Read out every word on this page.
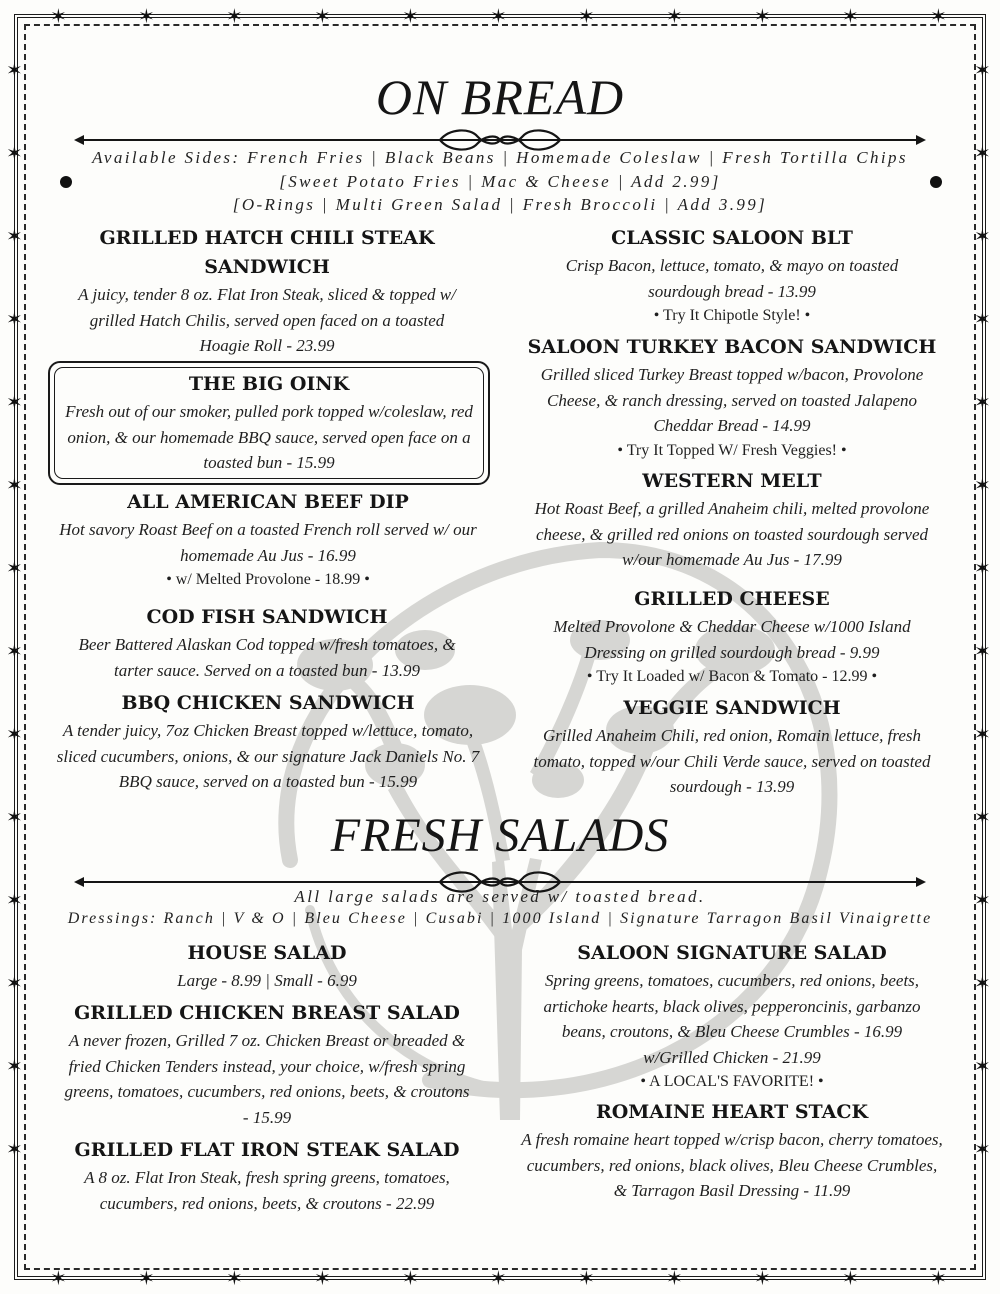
✶
✶
✶
✶
✶
✶
✶
✶
✶
✶
✶
✶
✶
✶
✶
✶
✶
✶
✶
✶
✶
✶
✶	✶
✶	✶
✶	✶
✶	✶
✶	✶
✶	✶
✶	✶
✶	✶
✶	✶
✶	✶
✶	✶
✶	✶
✶	✶
✶	✶
ON BREAD
Available Sides: French Fries | Black Beans | Homemade Coleslaw | Fresh Tortilla Chips
[Sweet Potato Fries | Mac & Cheese | Add 2.99]
[O-Rings | Multi Green Salad | Fresh Broccoli | Add 3.99]
GRILLED HATCH CHILI STEAK SANDWICH

A juicy, tender 8 oz. Flat Iron Steak, sliced & topped w/ grilled Hatch Chilis, served open faced on a toasted Hoagie Roll - 23.99

THE BIG OINK

Fresh out of our smoker, pulled pork topped w/coleslaw, red onion, & our homemade BBQ sauce, served open face on a toasted bun - 15.99

ALL AMERICAN BEEF DIP

Hot savory Roast Beef on a toasted French roll served w/ our homemade Au Jus - 16.99

• w/ Melted Provolone - 18.99 •
COD FISH SANDWICH

Beer Battered Alaskan Cod topped w/fresh tomatoes, & tarter sauce. Served on a toasted bun - 13.99

BBQ CHICKEN SANDWICH

A tender juicy, 7oz Chicken Breast topped w/lettuce, tomato, sliced cucumbers, onions, & our signature Jack Daniels No. 7 BBQ sauce, served on a toasted bun - 15.99

CLASSIC SALOON BLT

Crisp Bacon, lettuce, tomato, & mayo on toasted sourdough bread - 13.99

• Try It Chipotle Style! •
SALOON TURKEY BACON SANDWICH

Grilled sliced Turkey Breast topped w/bacon, Provolone Cheese, & ranch dressing, served on toasted Jalapeno Cheddar Bread - 14.99

• Try It Topped W/ Fresh Veggies! •
WESTERN MELT

Hot Roast Beef, a grilled Anaheim chili, melted provolone cheese, & grilled red onions on toasted sourdough served w/our homemade Au Jus - 17.99

GRILLED CHEESE

Melted Provolone & Cheddar Cheese w/1000 Island Dressing on grilled sourdough bread - 9.99

• Try It Loaded w/ Bacon & Tomato - 12.99 •
VEGGIE SANDWICH

Grilled Anaheim Chili, red onion, Romain lettuce, fresh tomato, topped w/our Chili Verde sauce, served on toasted sourdough - 13.99

FRESH SALADS
All large salads are served w/ toasted bread.
Dressings: Ranch | V & O | Bleu Cheese | Cusabi | 1000 Island | Signature Tarragon Basil Vinaigrette
HOUSE SALAD

Large - 8.99 | Small - 6.99

GRILLED CHICKEN BREAST SALAD

A never frozen, Grilled 7 oz. Chicken Breast or breaded & fried Chicken Tenders instead, your choice, w/fresh spring greens, tomatoes, cucumbers, red onions, beets, & croutons - 15.99

GRILLED FLAT IRON STEAK SALAD

A 8 oz. Flat Iron Steak, fresh spring greens, tomatoes, cucumbers, red onions, beets, & croutons - 22.99

SALOON SIGNATURE SALAD

Spring greens, tomatoes, cucumbers, red onions, beets, artichoke hearts, black olives, pepperoncinis, garbanzo beans, croutons, & Bleu Cheese Crumbles - 16.99

w/Grilled Chicken - 21.99

• A LOCAL'S FAVORITE! •
ROMAINE HEART STACK

A fresh romaine heart topped w/crisp bacon, cherry tomatoes, cucumbers, red onions, black olives, Bleu Cheese Crumbles, & Tarragon Basil Dressing - 11.99
